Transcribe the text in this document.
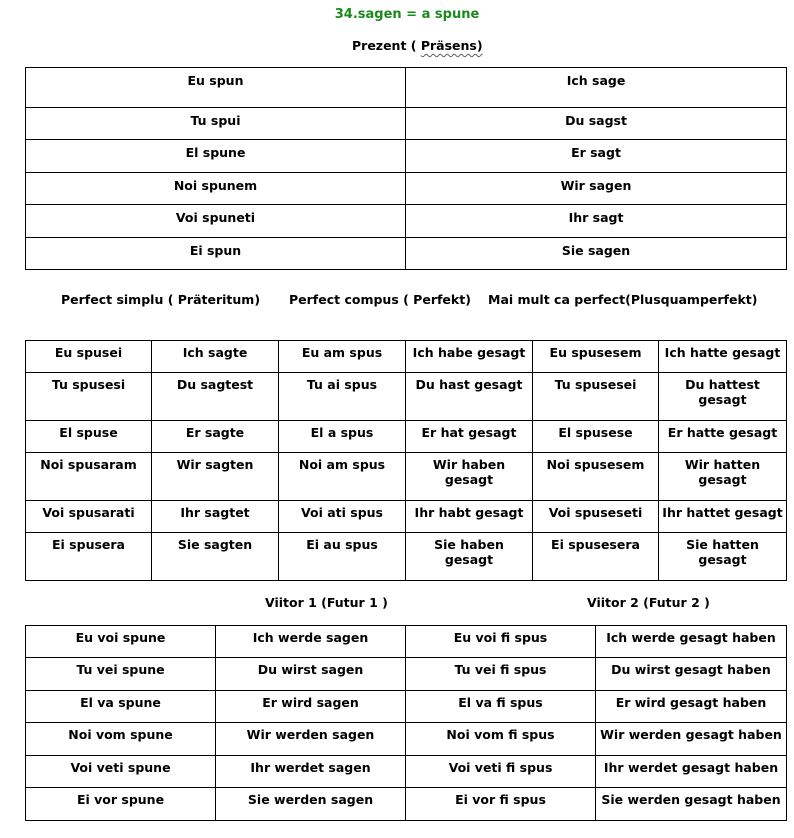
34.sagen = a spune
Prezent ( Präsens)
Eu spun	Ich sage
Tu spui	Du sagst
El spune	Er sagt
Noi spunem	Wir sagen
Voi spuneti	Ihr sagt
Ei spun	Sie sagen
Perfect simplu ( Präteritum) Perfect compus ( Perfekt) Mai mult ca perfect(Plusquamperfekt)
Eu spusei	Ich sagte	Eu am spus	Ich habe gesagt	Eu spusesem	Ich hatte gesagt
Tu spusesi	Du sagtest	Tu ai spus	Du hast gesagt	Tu spusesei	Du hattest gesagt
El spuse	Er sagte	El a spus	Er hat gesagt	El spusese	Er hatte gesagt
Noi spusaram	Wir sagten	Noi am spus	Wir haben gesagt	Noi spusesem	Wir hatten gesagt
Voi spusarati	Ihr sagtet	Voi ati spus	Ihr habt gesagt	Voi spuseseti	Ihr hattet gesagt
Ei spusera	Sie sagten	Ei au spus	Sie haben gesagt	Ei spusesera	Sie hatten gesagt
Viitor 1 (Futur 1 )	Viitor 2 (Futur 2 )
Eu voi spune	Ich werde sagen	Eu voi fi spus	Ich werde gesagt haben
Tu vei spune	Du wirst sagen	Tu vei fi spus	Du wirst gesagt haben
El va spune	Er wird sagen	El va fi spus	Er wird gesagt haben
Noi vom spune	Wir werden sagen	Noi vom fi spus	Wir werden gesagt haben
Voi veti spune	Ihr werdet sagen	Voi veti fi spus	Ihr werdet gesagt haben
Ei vor spune	Sie werden sagen	Ei vor fi spus	Sie werden gesagt haben
